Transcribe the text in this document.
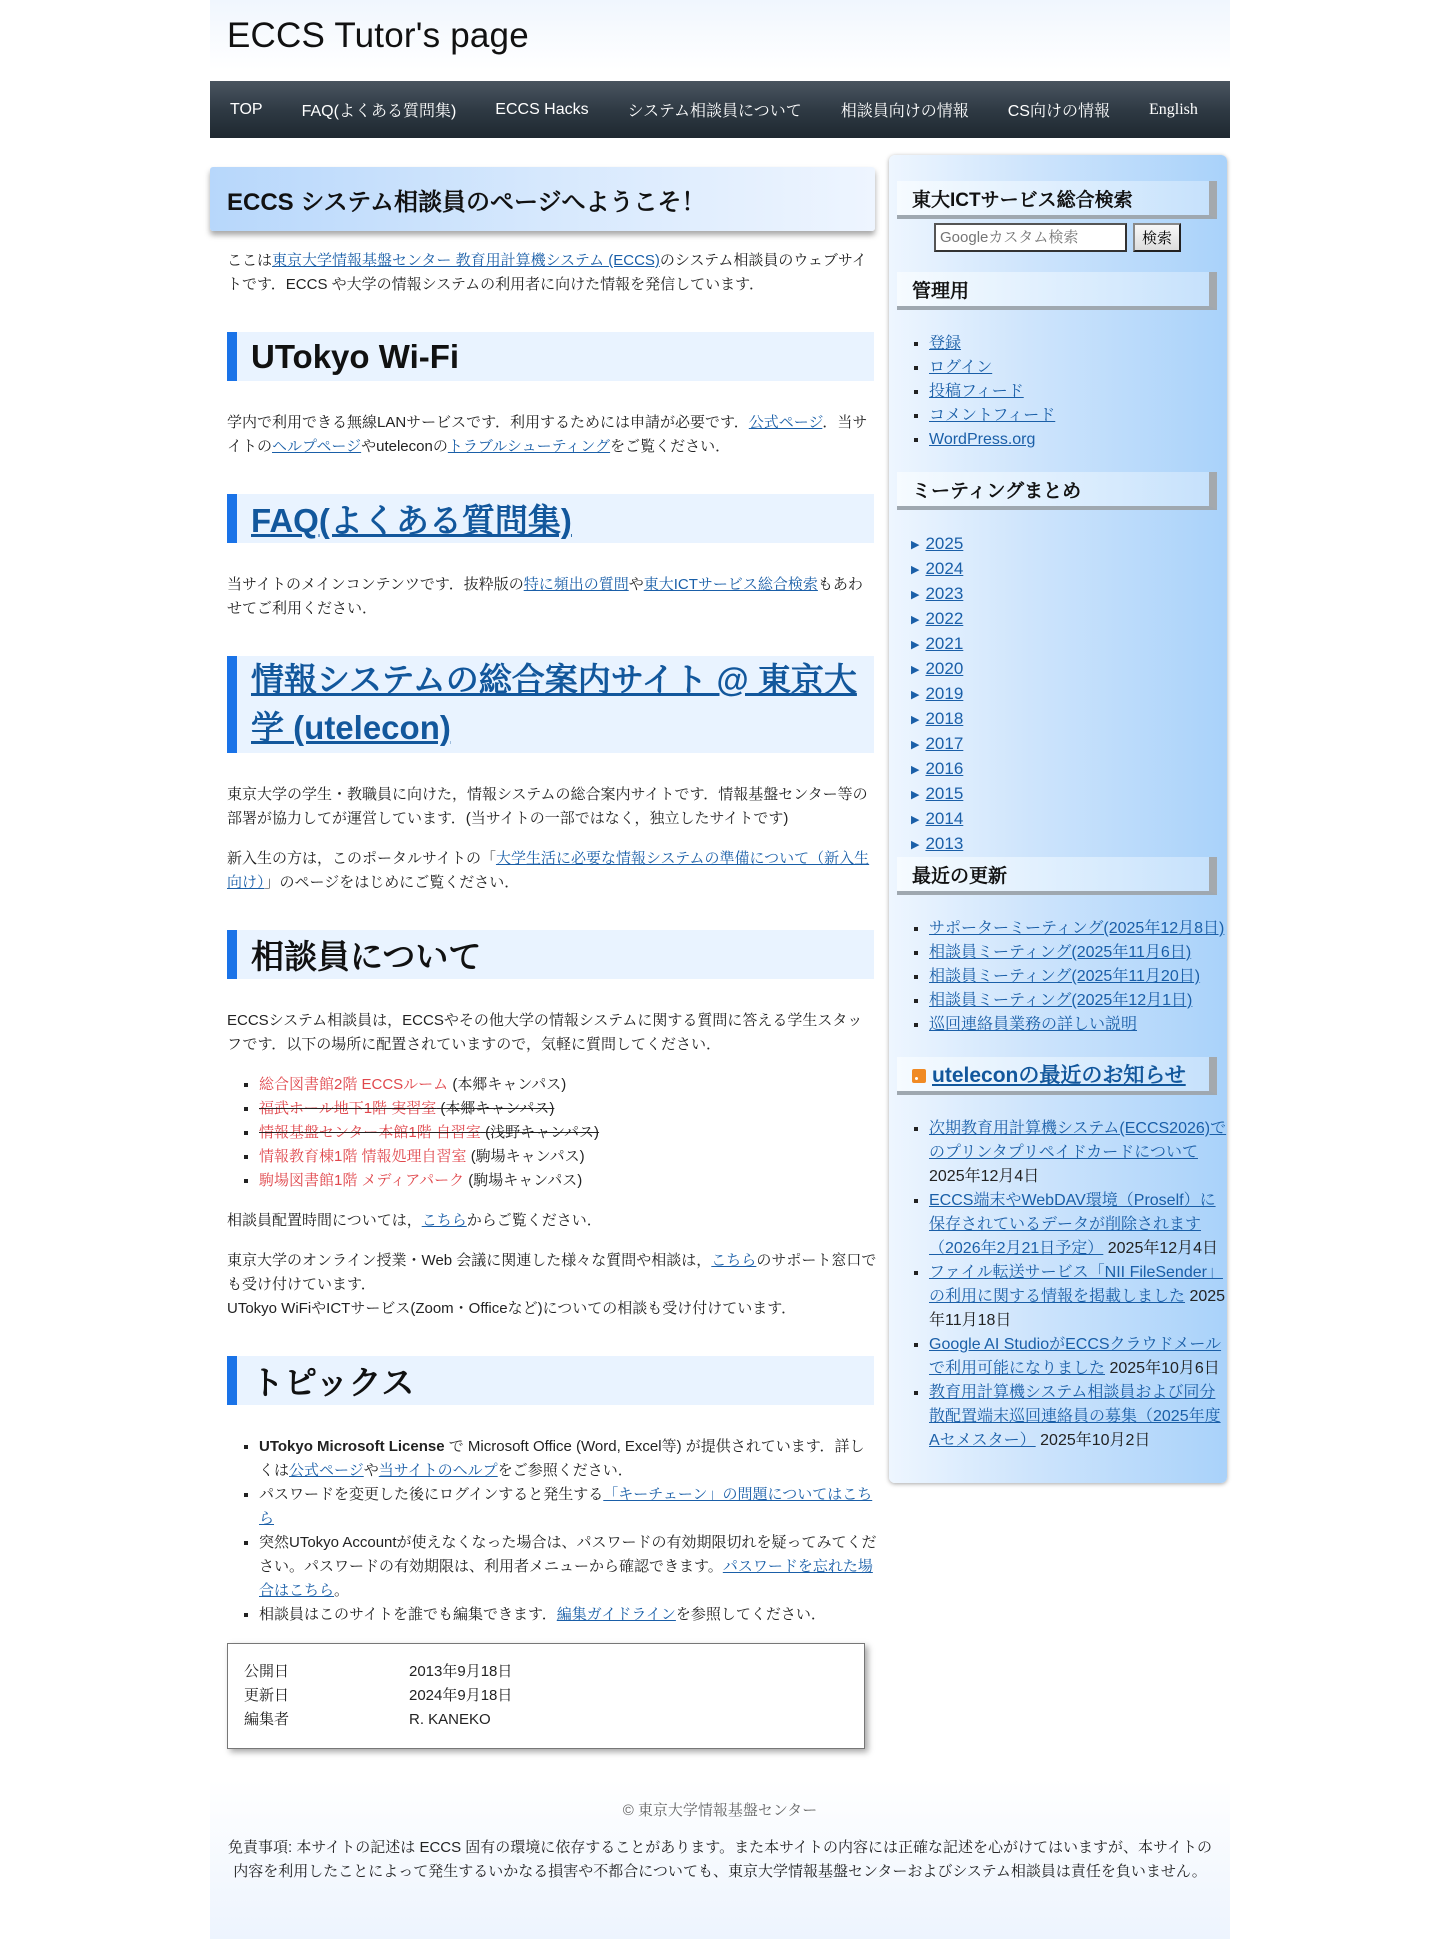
ECCS Tutor's page
TOP FAQ(よくある質問集) ECCS Hacks システム相談員について 相談員向けの情報 CS向けの情報 English
ECCS システム相談員のページへようこそ！

ここは東京大学情報基盤センター 教育用計算機システム (ECCS)のシステム相談員のウェブサイトです．ECCS や大学の情報システムの利用者に向けた情報を発信しています．

UTokyo Wi-Fi

学内で利用できる無線LANサービスです．利用するためには申請が必要です．公式ページ．当サイトのヘルプページやuteleconのトラブルシューティングをご覧ください．

FAQ(よくある質問集)

当サイトのメインコンテンツです．抜粋版の特に頻出の質問や東大ICTサービス総合検索もあわせてご利用ください．

情報システムの総合案内サイト @ 東京大学 (utelecon)

東京大学の学生・教職員に向けた，情報システムの総合案内サイトです．情報基盤センター等の部署が協力してが運営しています．(当サイトの一部ではなく，独立したサイトです)

新入生の方は，このポータルサイトの「大学生活に必要な情報システムの準備について（新入生向け）」のページをはじめにご覧ください．

相談員について

ECCSシステム相談員は，ECCSやその他大学の情報システムに関する質問に答える学生スタッフです．以下の場所に配置されていますので，気軽に質問してください．

▪ 総合図書館2階 ECCSルーム (本郷キャンパス)
▪ 福武ホール地下1階 実習室 (本郷キャンパス)
▪ 情報基盤センター本館1階 自習室 (浅野キャンパス)
▪ 情報教育棟1階 情報処理自習室 (駒場キャンパス)
▪ 駒場図書館1階 メディアパーク (駒場キャンパス)

相談員配置時間については，こちらからご覧ください．

東京大学のオンライン授業・Web 会議に関連した様々な質問や相談は，こちらのサポート窓口でも受け付けています．
UTokyo WiFiやICTサービス(Zoom・Officeなど)についての相談も受け付けています．

トピックス
▪ UTokyo Microsoft License で Microsoft Office (Word, Excel等) が提供されています．詳しくは公式ページや当サイトのヘルプをご参照ください．
▪ パスワードを変更した後にログインすると発生する「キーチェーン」の問題についてはこちら
▪ 突然UTokyo Accountが使えなくなった場合は、パスワードの有効期限切れを疑ってみてください。パスワードの有効期限は、利用者メニューから確認できます。パスワードを忘れた場合はこちら。
▪ 相談員はこのサイトを誰でも編集できます．編集ガイドラインを参照してください．
公開日	2013年9月18日
更新日	2024年9月18日
編集者	R. KANEKO
東大ICTサービス総合検索
Googleカスタム検索
検索
管理用
▪ 登録
▪ ログイン
▪ 投稿フィード
▪ コメントフィード
▪ WordPress.org
ミーティングまとめ
▶ 2025
▶ 2024
▶ 2023
▶ 2022
▶ 2021
▶ 2020
▶ 2019
▶ 2018
▶ 2017
▶ 2016
▶ 2015
▶ 2014
▶ 2013
最近の更新
▪ サポーターミーティング(2025年12月8日)
▪ 相談員ミーティング(2025年11月6日)
▪ 相談員ミーティング(2025年11月20日)
▪ 相談員ミーティング(2025年12月1日)
▪ 巡回連絡員業務の詳しい説明
uteleconの最近のお知らせ
▪ 次期教育用計算機システム(ECCS2026)でのプリンタプリペイドカードについて 2025年12月4日
▪ ECCS端末やWebDAV環境（Proself）に保存されているデータが削除されます（2026年2月21日予定） 2025年12月4日
▪ ファイル転送サービス「NII FileSender」 の利用に関する情報を掲載しました 2025年11月18日
▪ Google AI StudioがECCSクラウドメールで利用可能になりました 2025年10月6日
▪ 教育用計算機システム相談員および同分散配置端末巡回連絡員の募集（2025年度Aセメスター） 2025年10月2日
© 東京大学情報基盤センター
免責事項: 本サイトの記述は ECCS 固有の環境に依存することがあります。また本サイトの内容には正確な記述を心がけてはいますが、本サイトの内容を利用したことによって発生するいかなる損害や不都合についても、東京大学情報基盤センターおよびシステム相談員は責任を負いません。
